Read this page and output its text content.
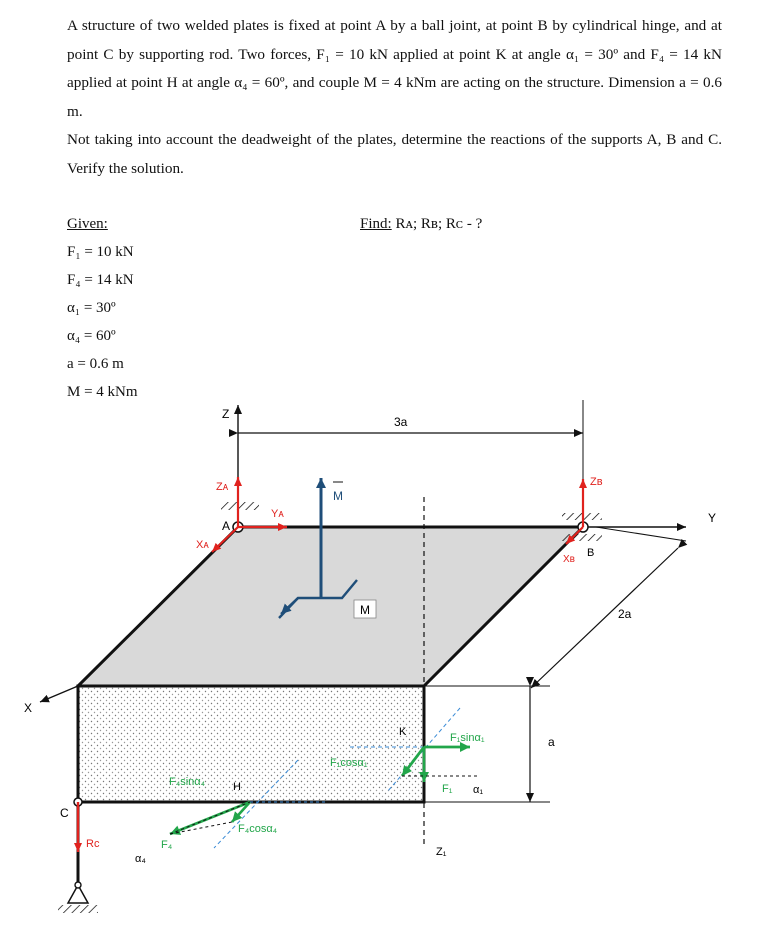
A structure of two welded plates is fixed at point A by a ball joint, at point B by cylindrical hinge, and at point C by supporting rod. Two forces, F₁ = 10 kN applied at point K at angle α₁ = 30º and F₄ = 14 kN applied at point H at angle α₄ = 60º, and couple M = 4 kNm are acting on the structure. Dimension a = 0.6 m.

Not taking into account the deadweight of the plates, determine the reactions of the supports A, B and C. Verify the solution.

Given:
F₁ = 10 kN
F₄ = 14 kN
α₁ = 30º
α₄ = 60º
a = 0.6 m
M = 4 kNm
Find: Rᴀ; Rʙ; Rᴄ - ?
Z
Y
X
3a
2a
a
Z₁
A
Zᴀ
Yᴀ
Xᴀ
B
Zʙ
Xʙ
M
M
C
Rᴄ
K	F₁sinα₁
F₁cosα₁
F₁ α₁
H
F₄sinα₄
F₄cosα₄
F₄
α₄
